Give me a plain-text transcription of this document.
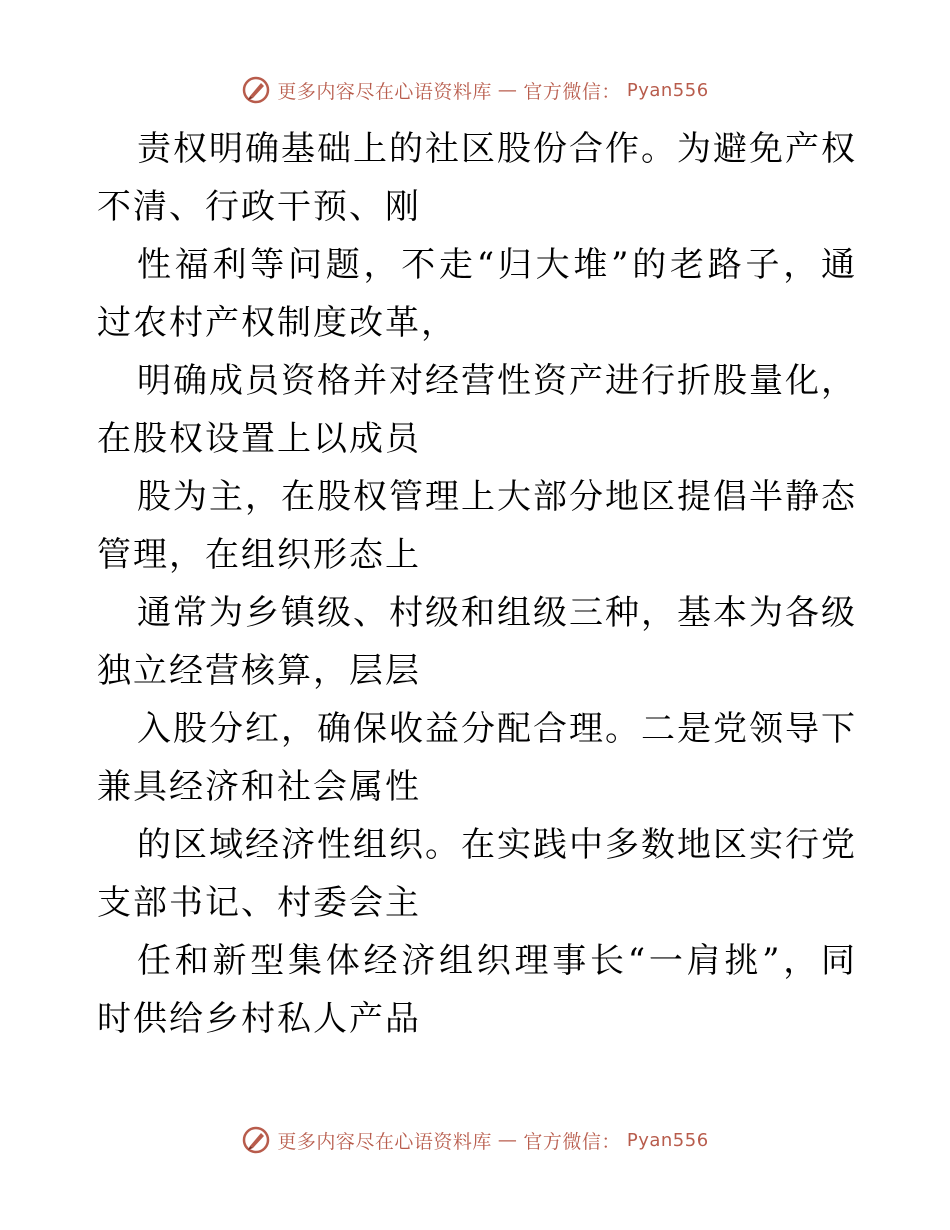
更多内容尽在心语资料库 — 官方微信： Pyan556

责权明确基础上的社区股份合作。为避免产权不清、行政干预、刚

性福利等问题，不走“归大堆”的老路子，通过农村产权制度改革，

明确成员资格并对经营性资产进行折股量化，在股权设置上以成员

股为主，在股权管理上大部分地区提倡半静态管理，在组织形态上

通常为乡镇级、村级和组级三种，基本为各级独立经营核算，层层

入股分红，确保收益分配合理。二是党领导下兼具经济和社会属性

的区域经济性组织。在实践中多数地区实行党支部书记、村委会主

任和新型集体经济组织理事长“一肩挑”，同时供给乡村私人产品

更多内容尽在心语资料库 — 官方微信： Pyan556
